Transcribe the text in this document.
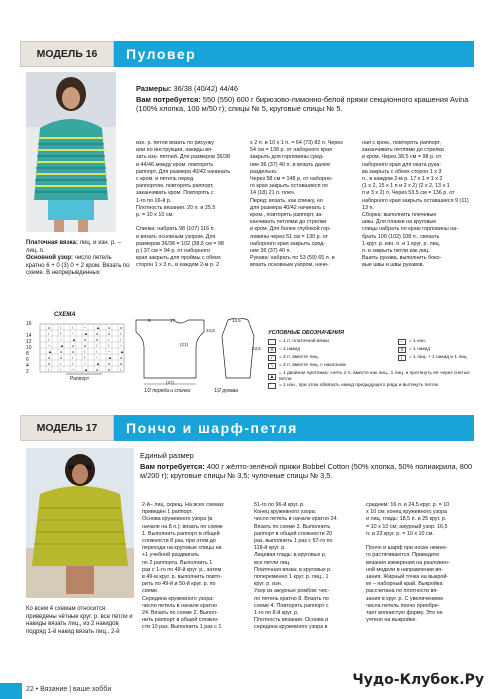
МОДЕЛЬ 16	Пуловер
Размеры: 36/38 (40/42) 44/46
Вам потребуется: 550 (550) 600 г бирюзово-лимонно-белой пряжи секционного крашения Avina (100% хлопка, 100 м/50 г); спицы № 5, круговые спицы № 5.
изн. р. петли вязать по рисунку
или по инструкции, накиды вя-
зать изн. петлей. Для размеров 36/38
и 44/46 между кром. повторять
раппорт. Для размера 40/42 начинать
с кром. и петель перед
раппортом, повторять раппорт,
заканчивать кром. Повторять с
1-го по 16-й р.
Плотность вязания. 20 п. и 25,5
р. = 10 х 10 см.

Спинка: набрать 98 (107) 116 п.
и вязать основным узором. Для
размеров 36/38 = 102 (38,5 см = 98
р.) 37 см = 94 р. от наборного
края закрыть для проймы с обеих
сторон 1 х 3 п., в каждом 2-м р. 2
х 2 п. и 10 х 1 п. = 64 (73) 82 п. Через
54 см = 138 р. от наборного края
закрыть для горловины сред-
ние 36 (37) 40 п. и вязать далее
раздельно.
Через 58 см = 148 р. от наборно-
го края закрыть оставшиеся по
14 (18) 21 п. плеч.
Перед: вязать, как спинку, но
для размера 40/42 начинать с
кром., повторять раппорт, за-
канчивать петлями до стрелки
и кром. Для более глубокой гор-
ловины через 51 см = 130 р. от
наборного края закрыть сред-
ние 36 (37) 40 п.
Рукава: набрать по 53 (59) 65 п. и
вязать основным узором, начи-
ная с кром., повторять раппорт,
заканчивать петлями до стрелки
и кром. Через 38,5 см = 98 р. от
наборного края для оката рука-
ва закрыть с обеих сторон 1 х 3
п., в каждом 2-м р. 17 х 1 п 1 х 2
(1 х 2, 15 х 1 п и 2 х 2) (2 х 2, 13 х 1
п и 3 х 2) п. Через 53,5 см = 136 р. от
наборного края закрыть оставшиеся 9 (11) 13 п.
Сборка: выполнить плечевые
швы. Для планки на круговые
спицы набрать по краю горловины на-
брать 100 (102) 108 п., связать
1 круг. р. изн. п. и 1 круг. р. лиц.
п. и закрыть петли как лиц.
Вшить рукава, выполнить боко-
вые швы и швы рукавов.
Платочная вязка: лиц. и изн. р. – лиц. п.
Основной узор: число петель кратно 6 + 0 (3) 0 + 2 кром. Вязать по схеме. В непрерывденных
СХЕМА
o /	\	− ▲ o o
/	\	− ▲ o o /
\	− ▲ o o /	\
− ▲ o o /	\	−
▲ o o /	\	− ▲
o o /	\	− ▲ o
o /	\	− ▲ o o
/	\	− ▲ o o /
16
14
12
10
8
6
4
2
Раппорт
9	17
(21)
24,5
(27)
1/2 переда и спинки
13,5
53,5
1/2 рукава
УСЛОВНЫЕ ОБОЗНАЧЕНИЯ
= 1 п. платочной вязки
o	= 1 накид
/	= 2 п. вместе лиц.
\	= 2 п. вместе лиц. с наклоном
▲ = 1 двойная протяжка: снять 2 п. вместе как лиц., 1 лиц. и протянуть её через снятые петли
= 1 изн., при этом обвязать накид предыдущего ряда и вытянуть петлю
−	= 1 изн.
o	= 1 накид
│	= 1 лиц. + 1 накид и 1 лиц
МОДЕЛЬ 17	Пончо и шарф-петля
Единый размер
Вам потребуется: 400 г жёлто-зелёной пряжи Bobbel Cotton (50% хлопка, 50% полиакрила, 800 м/200 г); круговые спицы № 3,5; чулочные спицы № 3,5.
2-й– лиц. скрещ. На всех схемах
приведён 1 раппорт.
Основа кружевного узора (в
начале на 8 п.): вязать по схеме
1. Выполнить раппорт в общей
сложности 8 раз, при этом до
перехода на круговые спицы на
+1 учебной раздвигать
по 2 раппорта. Выполнить 1
раз с 1-го по 48-й круг. р., затем
в 49-м круг. р. выполнить повто-
рить по 49-й и 50-й круг. р. по
схеме.
Середина кружевного узора:
число петель в начале кратно
24. Вязать по схеме 2. Выпол-
нить раппорт в общей сложно-
сти 10 раз. Выполнить 1 раз с 1
51-го по 96-й круг. р.
Конец кружевного узора:
число петель в начале кратно 24.
Вязать по схеме 3. Выполнить
раппорт в общей сложности 20
раз, выполнить 1 раз с 97-го по
118-й круг. р.
Лицевая гладь: в круговых р.
все петли лиц.
Платочная вязка: в круговых р.
попеременно 1 круг. р. лиц., 1
круг. р. изн.
Узор из ажурных ромбов: чис-
ло петель кратно 8. Вязать по
схеме 4. Повторять раппорт с
1-го по 8-й круг. р.
Плотность вязания. Основа и
середина кружевного узора в
среднем: 16 п. и 24,5 круг. р. = 10
х 10 см; конец кружевного узора
и лиц. гладь: 18,5 п. и 25 круг. р.
= 10 х 10 см; ажурный узор: 16,5
п. и 23 круг. р. = 10 х 10 см.

Пончо и шарф при носке немно-
го растягиваются. Приведите
вязания измерения на разложен-
ной модели в направлении вя-
зания. Жирный точка на выкрой-
ке – наборный край. Выкройка
рассчитана по плотности вя-
зания в круг. р. С увеличением
числа петель пончо приобре-
тает волнистую форму. Это не
учтено на выкройке.
Ко всем 4 схемам относится: приведены чётные круг. р. все петли и накиды вязать лиц., из 2 накидов подряд 1-й накид вязать лиц., 2-й
22 • Вязание | ваше хобби
Чудо-Клубок.Ру
